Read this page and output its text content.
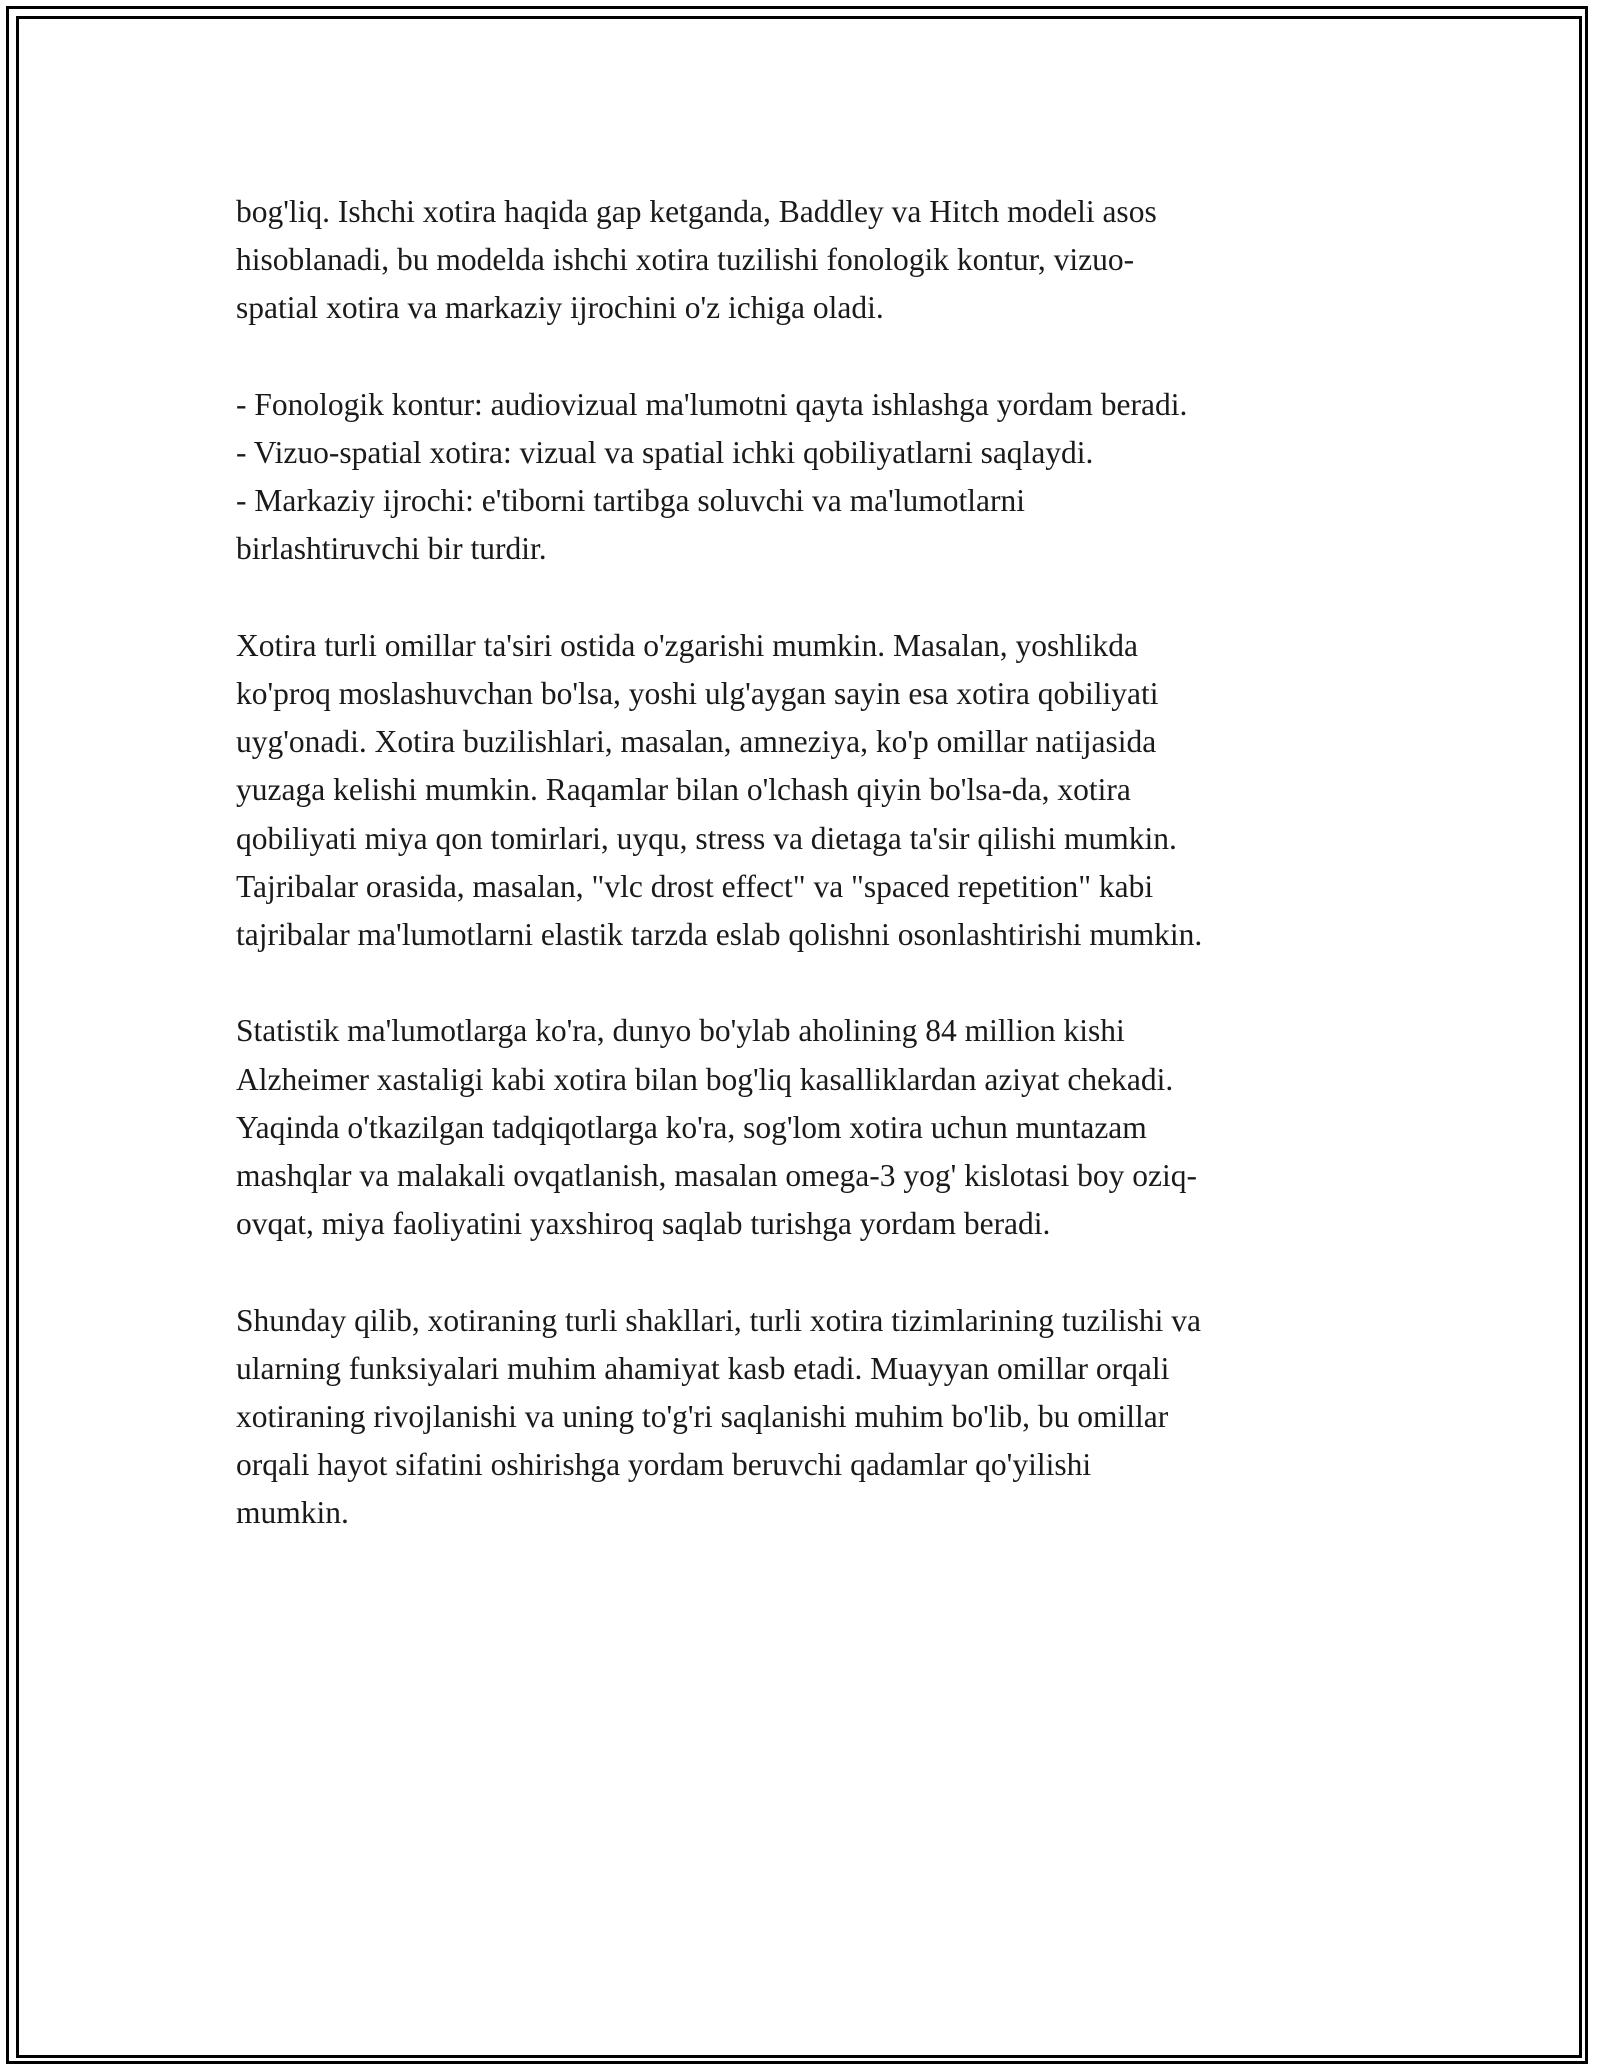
bog'liq. Ishchi xotira haqida gap ketganda, Baddley va Hitch modeli asos
hisoblanadi, bu modelda ishchi xotira tuzilishi fonologik kontur, vizuo-
spatial xotira va markaziy ijrochini o'z ichiga oladi.

- Fonologik kontur: audiovizual ma'lumotni qayta ishlashga yordam beradi.
- Vizuo-spatial xotira: vizual va spatial ichki qobiliyatlarni saqlaydi.
- Markaziy ijrochi: e'tiborni tartibga soluvchi va ma'lumotlarni
birlashtiruvchi bir turdir.

Xotira turli omillar ta'siri ostida o'zgarishi mumkin. Masalan, yoshlikda
ko'proq moslashuvchan bo'lsa, yoshi ulg'aygan sayin esa xotira qobiliyati
uyg'onadi. Xotira buzilishlari, masalan, amneziya, ko'p omillar natijasida
yuzaga kelishi mumkin. Raqamlar bilan o'lchash qiyin bo'lsa-da, xotira
qobiliyati miya qon tomirlari, uyqu, stress va dietaga ta'sir qilishi mumkin.
Tajribalar orasida, masalan, "vlc drost effect" va "spaced repetition" kabi
tajribalar ma'lumotlarni elastik tarzda eslab qolishni osonlashtirishi mumkin.

Statistik ma'lumotlarga ko'ra, dunyo bo'ylab aholining 84 million kishi
Alzheimer xastaligi kabi xotira bilan bog'liq kasalliklardan aziyat chekadi.
Yaqinda o'tkazilgan tadqiqotlarga ko'ra, sog'lom xotira uchun muntazam
mashqlar va malakali ovqatlanish, masalan omega-3 yog' kislotasi boy oziq-
ovqat, miya faoliyatini yaxshiroq saqlab turishga yordam beradi.

Shunday qilib, xotiraning turli shakllari, turli xotira tizimlarining tuzilishi va
ularning funksiyalari muhim ahamiyat kasb etadi. Muayyan omillar orqali
xotiraning rivojlanishi va uning to'g'ri saqlanishi muhim bo'lib, bu omillar
orqali hayot sifatini oshirishga yordam beruvchi qadamlar qo'yilishi
mumkin.
